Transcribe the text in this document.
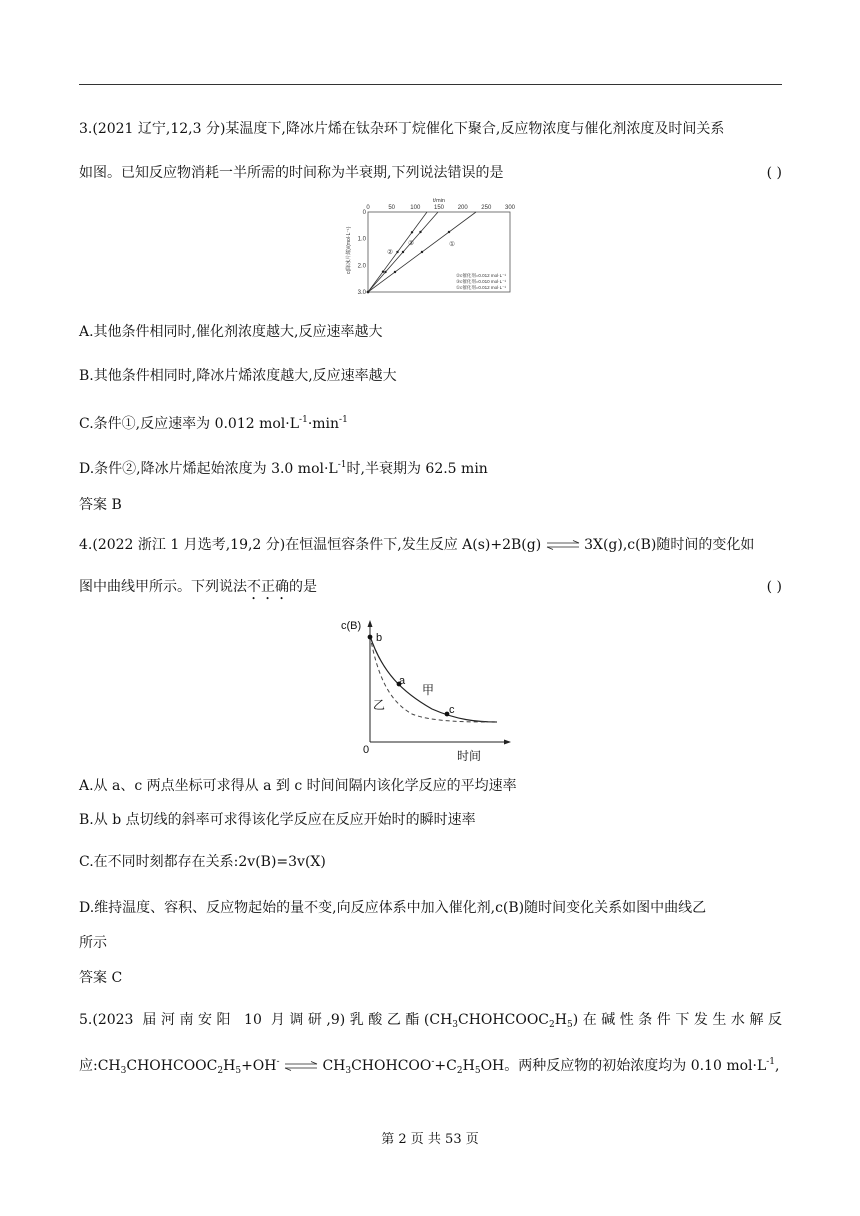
3.(2021 辽宁,12,3 分)某温度下,降冰片烯在钛杂环丁烷催化下聚合,反应物浓度与催化剂浓度及时间关系
如图。已知反应物消耗一半所需的时间称为半衰期,下列说法错误的是	( )
0	50	100 150 200 250 300
t/min
0
1.0
2.0
3.0
c(降冰片烯)/(mol·L⁻¹)	②
③	①
②c催化剂=0.012 mol·L⁻¹
③c催化剂=0.010 mol·L⁻¹
①c催化剂=0.012 mol·L⁻¹
A.其他条件相同时,催化剂浓度越大,反应速率越大
B.其他条件相同时,降冰片烯浓度越大,反应速率越大
C.条件①,反应速率为 0.012 $mol\cdot L^{-1}\cdot\min^{-1}$
D.条件②,降冰片烯起始浓度为 3.0 $mol\cdot L^{-1}$时,半衰期为 62.5 min
答案 B
4.(2022 浙江 1 月选考,19,2 分)在恒温恒容条件下,发生反应 A(s)+2B(g) ⇌ 3X(g),c(B)随时间的变化如
图中曲线甲所示。下列说法不正确的是	( )
c(B)
时间
0
b
a
c
甲
乙
A.从 a、c 两点坐标可求得从 a 到 c 时间间隔内该化学反应的平均速率
B.从 b 点切线的斜率可求得该化学反应在反应开始时的瞬时速率
C.在不同时刻都存在关系:2v(B)=3v(X)
D.维持温度、容积、反应物起始的量不变,向反应体系中加入催化剂,c(B)随时间变化关系如图中曲线乙
所示
答案 C
5.(2023 届河南安阳 10 月调研,9)乳酸乙酯$(CH_3CHOHCOOC_2H_5)$在碱性条件下发生水解反
应$:CH_3CHOHCOOC_2H_5+OH^-$ ⇌ $CH_3CHOHCOO^-+C_2H_5OH$。两种反应物的初始浓度均为 0.10 $mol\cdot L^{-1}$,
第 2 页 共 53 页
